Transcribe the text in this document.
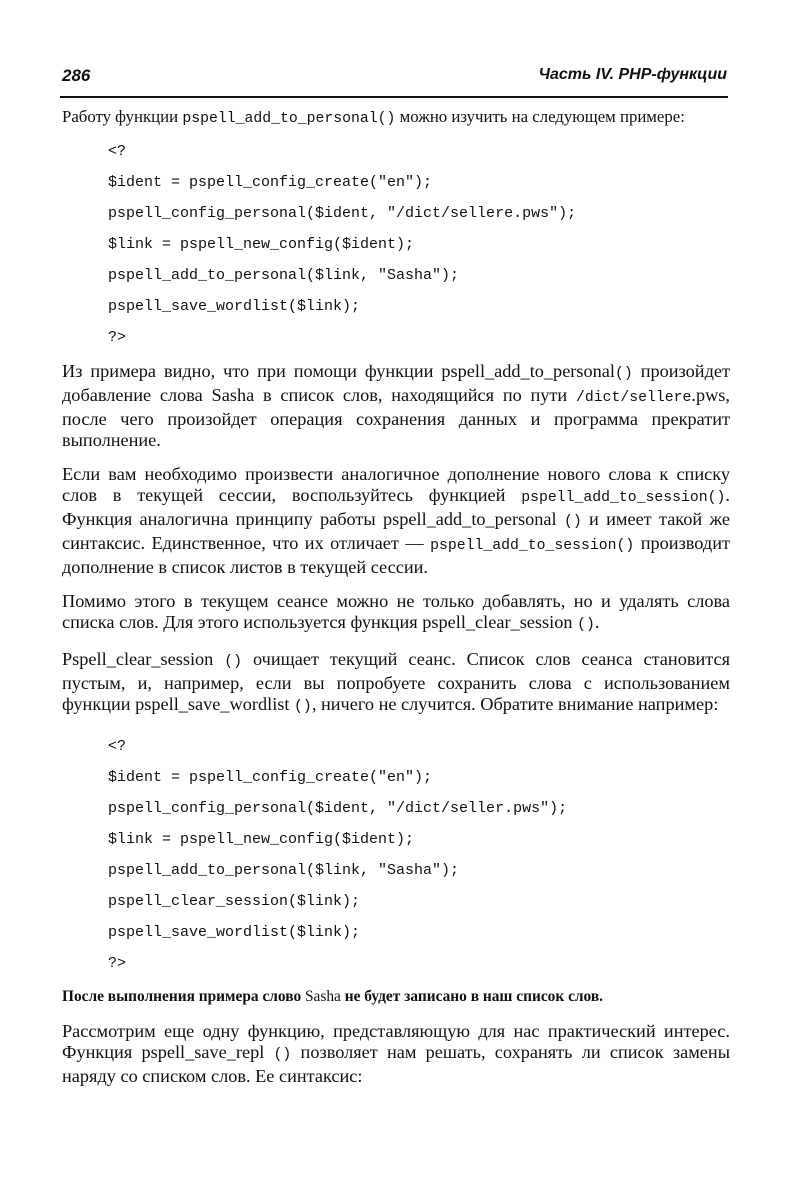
286	Часть IV. PHP-функции

Работу функции pspell_add_to_personal() можно изучить на следующем примере:

<?
$ident = pspell_config_create("en");
pspell_config_personal($ident, "/dict/sellere.pws");
$link = pspell_new_config($ident);
pspell_add_to_personal($link, "Sasha");
pspell_save_wordlist($link);
?>

Из примера видно, что при помощи функции pspell_add_to_personal() произойдет добавление слова Sasha в список слов, находящийся по пути /dict/sellere.pws, после чего произойдет операция сохранения данных и программа прекратит выполнение.

Если вам необходимо произвести аналогичное дополнение нового слова к списку слов в текущей сессии, воспользуйтесь функцией pspell_add_to_session(). Функция аналогична принципу работы pspell_add_to_personal () и имеет такой же синтаксис. Единственное, что их отличает — pspell_add_to_session() производит дополнение в список листов в текущей сессии.

Помимо этого в текущем сеансе можно не только добавлять, но и удалять слова списка слов. Для этого используется функция pspell_clear_session ().

Pspell_clear_session () очищает текущий сеанс. Список слов сеанса становится пустым, и, например, если вы попробуете сохранить слова с использованием функции pspell_save_wordlist (), ничего не случится. Обратите внимание например:

<?
$ident = pspell_config_create("en");
pspell_config_personal($ident, "/dict/seller.pws");
$link = pspell_new_config($ident);
pspell_add_to_personal($link, "Sasha");
pspell_clear_session($link);
pspell_save_wordlist($link);
?>
После выполнения примера слово Sasha не будет записано в наш список слов.

Рассмотрим еще одну функцию, представляющую для нас практический интерес. Функция pspell_save_repl () позволяет нам решать, сохранять ли список замены наряду со списком слов. Ее синтаксис:
